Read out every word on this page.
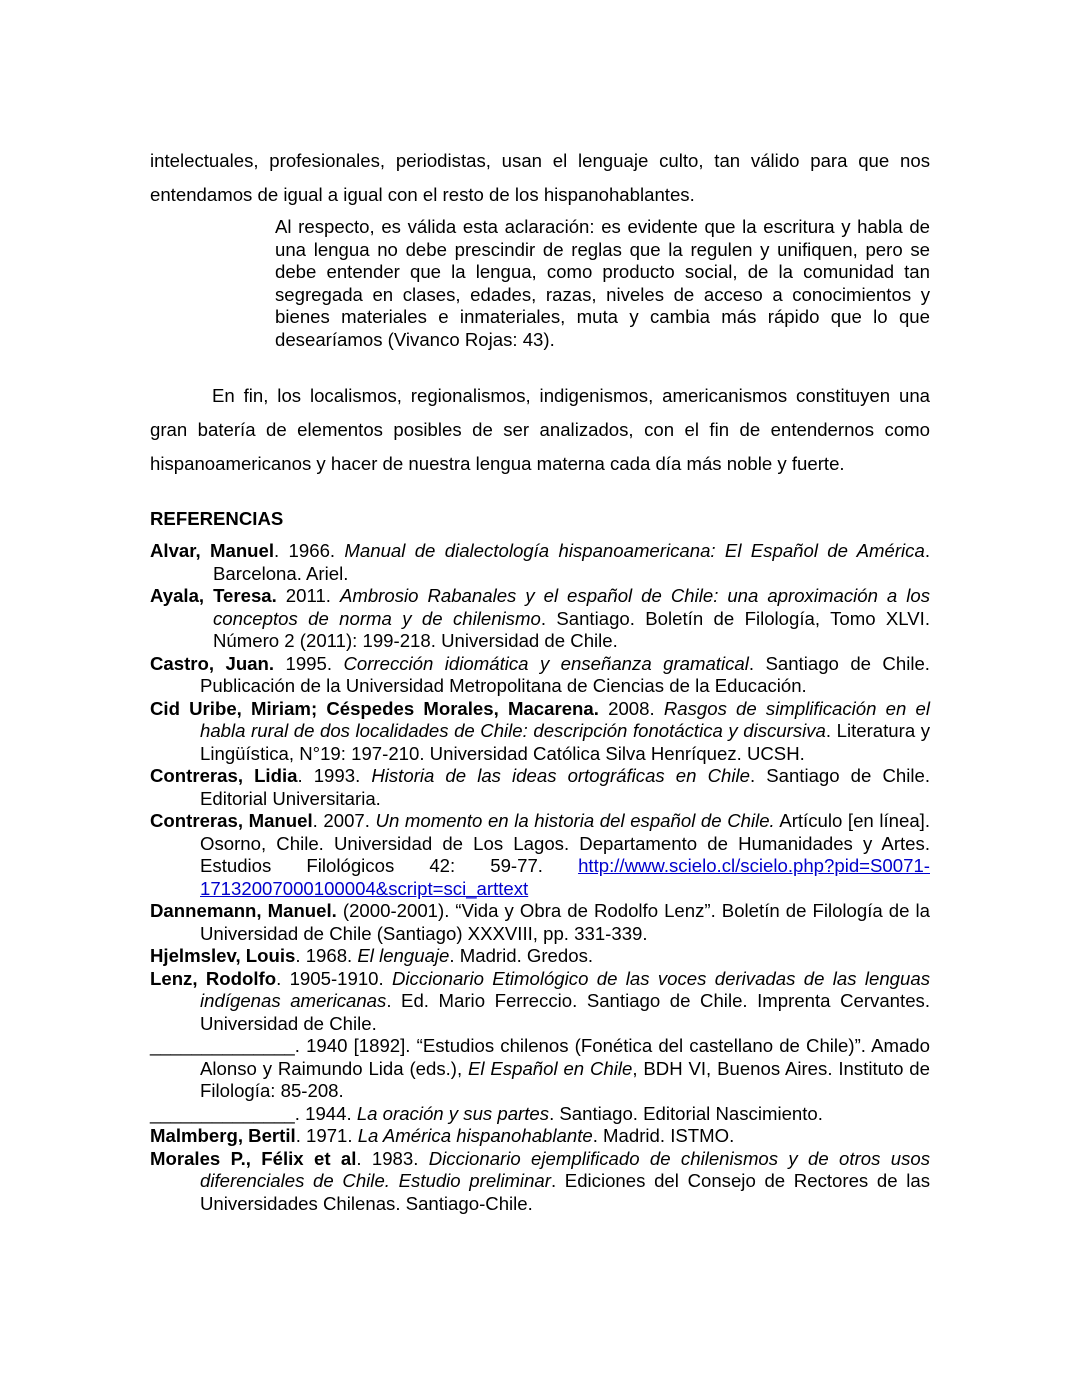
intelectuales, profesionales, periodistas, usan el lenguaje culto, tan válido para que nos entendamos de igual a igual con el resto de los hispanohablantes.

Al respecto, es válida esta aclaración: es evidente que la escritura y habla de una lengua no debe prescindir de reglas que la regulen y unifiquen, pero se debe entender que la lengua, como producto social, de la comunidad tan segregada en clases, edades, razas, niveles de acceso a conocimientos y bienes materiales e inmateriales, muta y cambia más rápido que lo que desearíamos (Vivanco Rojas: 43).

En fin, los localismos, regionalismos, indigenismos, americanismos constituyen una gran batería de elementos posibles de ser analizados, con el fin de entendernos como hispanoamericanos y hacer de nuestra lengua materna cada día más noble y fuerte.

REFERENCIAS

Alvar, Manuel. 1966. Manual de dialectología hispanoamericana: El Español de América. Barcelona. Ariel.
Ayala, Teresa. 2011. Ambrosio Rabanales y el español de Chile: una aproximación a los conceptos de norma y de chilenismo. Santiago. Boletín de Filología, Tomo XLVI. Número 2 (2011): 199-218. Universidad de Chile.
Castro, Juan. 1995. Corrección idiomática y enseñanza gramatical. Santiago de Chile. Publicación de la Universidad Metropolitana de Ciencias de la Educación.
Cid Uribe, Miriam; Céspedes Morales, Macarena. 2008. Rasgos de simplificación en el habla rural de dos localidades de Chile: descripción fonotáctica y discursiva. Literatura y Lingüística, N°19: 197-210. Universidad Católica Silva Henríquez. UCSH.
Contreras, Lidia. 1993. Historia de las ideas ortográficas en Chile. Santiago de Chile. Editorial Universitaria.
Contreras, Manuel. 2007. Un momento en la historia del español de Chile. Artículo [en línea]. Osorno, Chile. Universidad de Los Lagos. Departamento de Humanidades y Artes. Estudios Filológicos 42: 59-77. http://www.scielo.cl/scielo.php?pid=S0071-17132007000100004&script=sci_arttext
Dannemann, Manuel. (2000-2001). “Vida y Obra de Rodolfo Lenz”. Boletín de Filología de la Universidad de Chile (Santiago) XXXVIII, pp. 331-339.
Hjelmslev, Louis. 1968. El lenguaje. Madrid. Gredos.
Lenz, Rodolfo. 1905-1910. Diccionario Etimológico de las voces derivadas de las lenguas indígenas americanas. Ed. Mario Ferreccio. Santiago de Chile. Imprenta Cervantes. Universidad de Chile.
______________. 1940 [1892]. “Estudios chilenos (Fonética del castellano de Chile)”. Amado Alonso y Raimundo Lida (eds.), El Español en Chile, BDH VI, Buenos Aires. Instituto de Filología: 85-208.
______________. 1944. La oración y sus partes. Santiago. Editorial Nascimiento.
Malmberg, Bertil. 1971. La América hispanohablante. Madrid. ISTMO.
Morales P., Félix et al. 1983. Diccionario ejemplificado de chilenismos y de otros usos diferenciales de Chile. Estudio preliminar. Ediciones del Consejo de Rectores de las Universidades Chilenas. Santiago-Chile.
